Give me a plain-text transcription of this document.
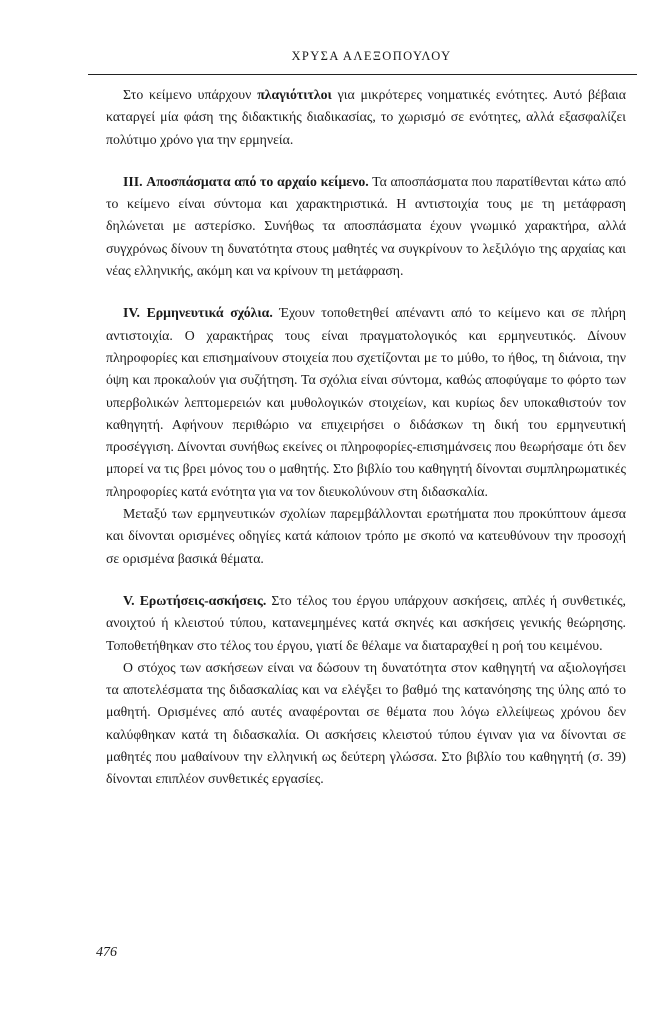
ΧΡΥΣΑ ΑΛΕΞΟΠΟΥΛΟΥ

Στο κείμενο υπάρχουν πλαγιότιτλοι για μικρότερες νοηματικές ενότητες. Αυτό βέβαια καταργεί μία φάση της διδακτικής διαδικασίας, το χωρισμό σε ενότητες, αλλά εξασφαλίζει πολύτιμο χρόνο για την ερμηνεία.

III. Αποσπάσματα από το αρχαίο κείμενο. Τα αποσπάσματα που παρατίθενται κάτω από το κείμενο είναι σύντομα και χαρακτηριστικά. Η αντιστοιχία τους με τη μετάφραση δηλώνεται με αστερίσκο. Συνήθως τα αποσπάσματα έχουν γνωμικό χαρακτήρα, αλλά συγχρόνως δίνουν τη δυνατότητα στους μαθητές να συγκρίνουν το λεξιλόγιο της αρχαίας και νέας ελληνικής, ακόμη και να κρίνουν τη μετάφραση.

IV. Ερμηνευτικά σχόλια. Έχουν τοποθετηθεί απέναντι από το κείμενο και σε πλήρη αντιστοιχία. Ο χαρακτήρας τους είναι πραγματολογικός και ερμηνευτικός. Δίνουν πληροφορίες και επισημαίνουν στοιχεία που σχετίζονται με το μύθο, το ήθος, τη διάνοια, την όψη και προκαλούν για συζήτηση. Τα σχόλια είναι σύντομα, καθώς αποφύγαμε το φόρτο των υπερβολικών λεπτομερειών και μυθολογικών στοιχείων, και κυρίως δεν υποκαθιστούν τον καθηγητή. Αφήνουν περιθώριο να επιχειρήσει ο διδάσκων τη δική του ερμηνευτική προσέγγιση. Δίνονται συνήθως εκείνες οι πληροφορίες-επισημάνσεις που θεωρήσαμε ότι δεν μπορεί να τις βρει μόνος του ο μαθητής. Στο βιβλίο του καθηγητή δίνονται συμπληρωματικές πληροφορίες κατά ενότητα για να τον διευκολύνουν στη διδασκαλία.

Μεταξύ των ερμηνευτικών σχολίων παρεμβάλλονται ερωτήματα που προκύπτουν άμεσα και δίνονται ορισμένες οδηγίες κατά κάποιον τρόπο με σκοπό να κατευθύνουν την προσοχή σε ορισμένα βασικά θέματα.

V. Ερωτήσεις-ασκήσεις. Στο τέλος του έργου υπάρχουν ασκήσεις, απλές ή συνθετικές, ανοιχτού ή κλειστού τύπου, κατανεμημένες κατά σκηνές και ασκήσεις γενικής θεώρησης. Τοποθετήθηκαν στο τέλος του έργου, γιατί δε θέλαμε να διαταραχθεί η ροή του κειμένου.

Ο στόχος των ασκήσεων είναι να δώσουν τη δυνατότητα στον καθηγητή να αξιολογήσει τα αποτελέσματα της διδασκαλίας και να ελέγξει το βαθμό της κατανόησης της ύλης από το μαθητή. Ορισμένες από αυτές αναφέρονται σε θέματα που λόγω ελλείψεως χρόνου δεν καλύφθηκαν κατά τη διδασκαλία. Οι ασκήσεις κλειστού τύπου έγιναν για να δίνονται σε μαθητές που μαθαίνουν την ελληνική ως δεύτερη γλώσσα. Στο βιβλίο του καθηγητή (σ. 39) δίνονται επιπλέον συνθετικές εργασίες.

476
